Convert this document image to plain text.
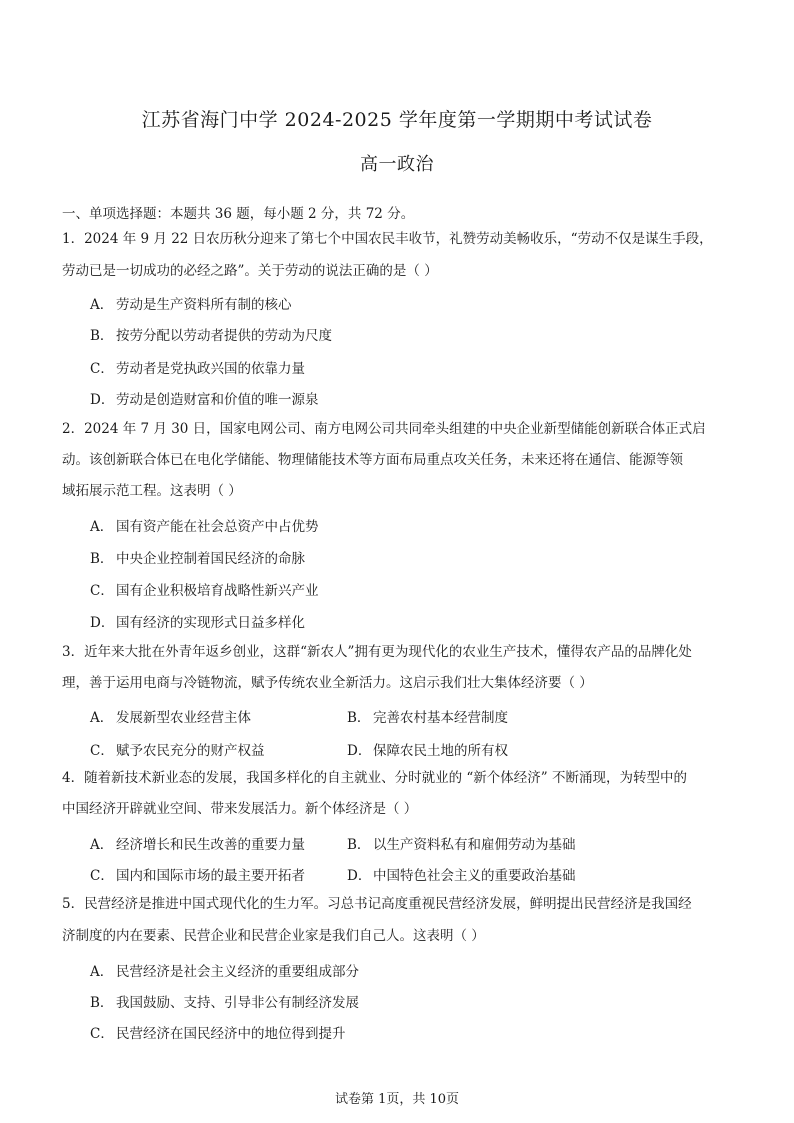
江苏省海门中学 2024-2025 学年度第一学期期中考试试卷
高一政治
一、单项选择题：本题共 36 题，每小题 2 分，共 72 分。
1．2024 年 9 月 22 日农历秋分迎来了第七个中国农民丰收节，礼赞劳动美畅收乐，“劳动不仅是谋生手段，
劳动已是一切成功的必经之路”。关于劳动的说法正确的是（ ）
A． 劳动是生产资料所有制的核心
B． 按劳分配以劳动者提供的劳动为尺度
C． 劳动者是党执政兴国的依靠力量
D． 劳动是创造财富和价值的唯一源泉
2．2024 年 7 月 30 日，国家电网公司、南方电网公司共同牵头组建的中央企业新型储能创新联合体正式启
动。该创新联合体已在电化学储能、物理储能技术等方面布局重点攻关任务，未来还将在通信、能源等领
域拓展示范工程。这表明（ ）
A． 国有资产能在社会总资产中占优势
B． 中央企业控制着国民经济的命脉
C． 国有企业积极培育战略性新兴产业
D． 国有经济的实现形式日益多样化
3．近年来大批在外青年返乡创业，这群“新农人”拥有更为现代化的农业生产技术，懂得农产品的品牌化处
理，善于运用电商与冷链物流，赋予传统农业全新活力。这启示我们壮大集体经济要（ ）
A． 发展新型农业经营主体	B． 完善农村基本经营制度
C． 赋予农民充分的财产权益	D． 保障农民土地的所有权
4．随着新技术新业态的发展，我国多样化的自主就业、分时就业的 “新个体经济” 不断涌现，为转型中的
中国经济开辟就业空间、带来发展活力。新个体经济是（ ）
A． 经济增长和民生改善的重要力量	B． 以生产资料私有和雇佣劳动为基础
C． 国内和国际市场的最主要开拓者	D． 中国特色社会主义的重要政治基础
5．民营经济是推进中国式现代化的生力军。习总书记高度重视民营经济发展，鲜明提出民营经济是我国经
济制度的内在要素、民营企业和民营企业家是我们自己人。这表明（ ）
A． 民营经济是社会主义经济的重要组成部分
B． 我国鼓励、支持、引导非公有制经济发展
C． 民营经济在国民经济中的地位得到提升
试卷第 1页，共 10页
